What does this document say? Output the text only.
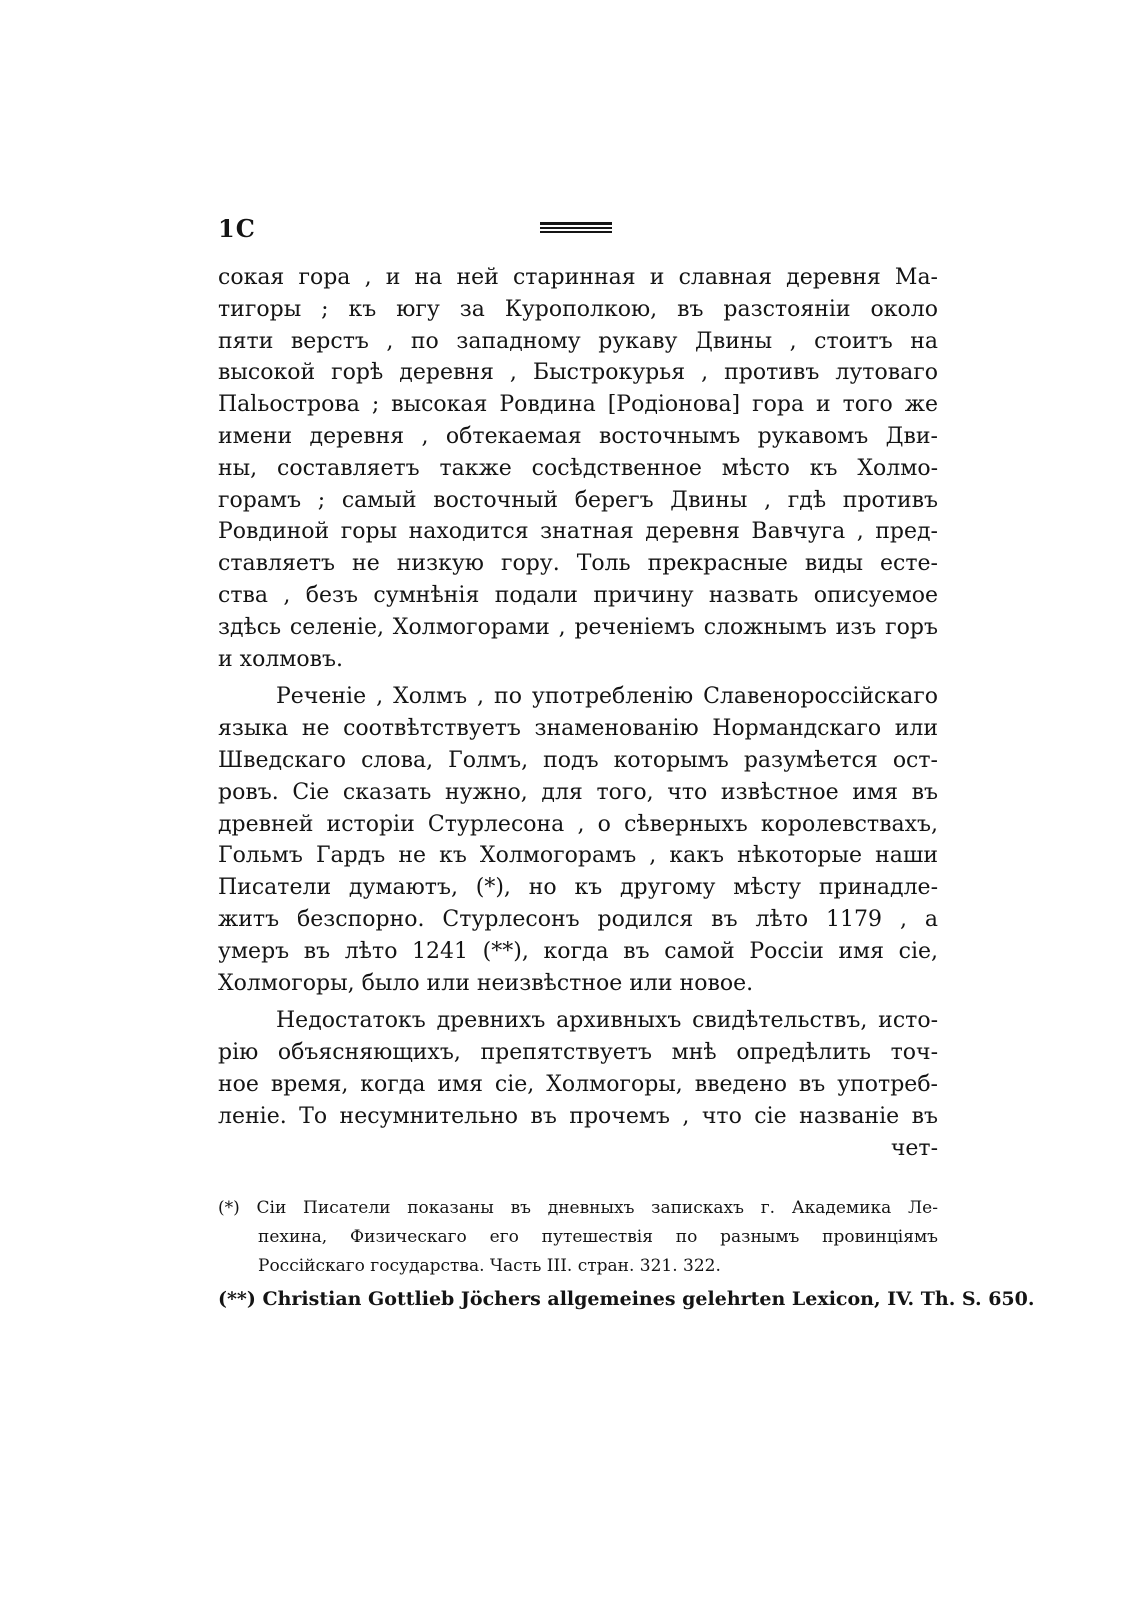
1C

сокая гора , и на ней старинная и славная деревня Ма-
тигоры ; къ югу за Курополкою, въ разстоянiи около
пяти верстъ , по западному рукаву Двины , стоитъ на
высокой горѣ деревня , Быстрокурья , противъ лутоваго
Паlьостровa ; высокая Ровдина [Родiонова] гора и того же
имени деревня , обтекаемая восточнымъ рукавомъ Дви-
ны, составляетъ также сосѣдственное мѣсто къ Холмо-
горамъ ; самый восточный берегъ Двины , гдѣ противъ
Ровдиной горы находится знатная деревня Вавчуга , пред-
ставляетъ не низкую гору. Толь прекрасные виды есте-
ства , безъ сумнѣнiя подали причину назвать описуемое
здѣсь селенiе, Холмогорами , реченiемъ сложнымъ изъ горъ
и холмовъ.

Реченiе , Холмъ , по употребленiю Славенороссiйскаго
языка не соотвѣтствуетъ знаменованiю Нормандскаго или
Шведскаго слова, Голмъ, подъ которымъ разумѣется ост-
ровъ. Сiе сказать нужно, для того, что извѣстное имя въ
древней исторiи Стурлесона , о сѣверныхъ королевствахъ,
Гольмъ Гардъ не къ Холмогорамъ , какъ нѣкоторые наши
Писатели думаютъ, (*), но къ другому мѣсту принадле-
житъ безспорно. Стурлесонъ родился въ лѣто 1179 , а
умеръ въ лѣто 1241 (**), когда въ самой Россiи имя сiе,
Холмогоры, было или неизвѣстное или новое.

Недостатокъ древнихъ архивныхъ свидѣтельствъ, исто-
рiю объясняющихъ, препятствуетъ мнѣ опредѣлить точ-
ное время, когда имя сiе, Холмогоры, введено въ употреб-
ленiе. То несумнительно въ прочемъ , что сiе названiе въ
чет-

(*) Сiи Писатели показаны въ дневныхъ запискахъ г. Академика Ле-
пехина, Физическаго его путешествiя по разнымъ провинцiямъ
Россiйскаго государства. Часть III. стран. 321. 322.
(**) Christian Gottlieb Jöchers allgemeines gelehrten Lexicon, IV. Th. S. 650.
